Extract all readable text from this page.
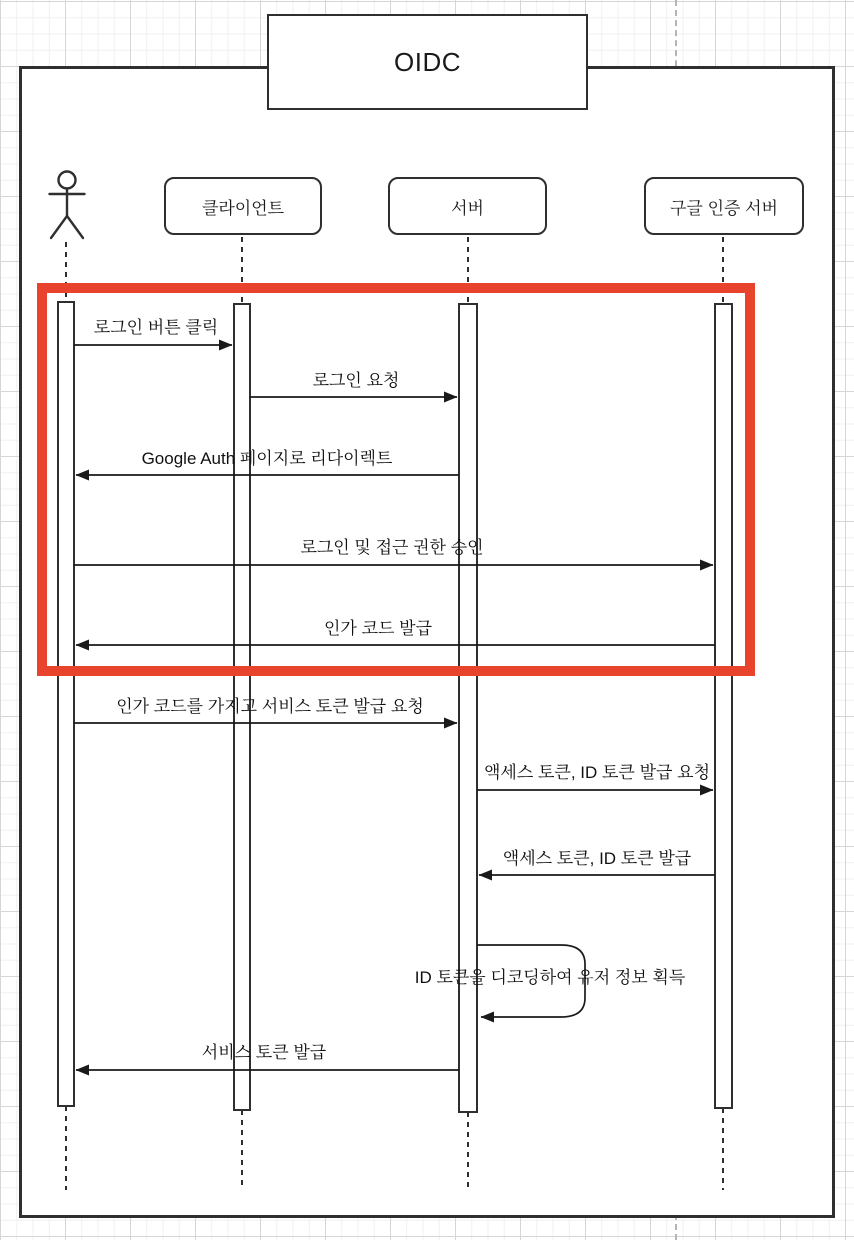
OIDC
클라이언트	서버	구글 인증 서버
로그인 버튼 클릭
로그인 요청
Google Auth 페이지로 리다이렉트
로그인 및 접근 권한 승인
인가 코드 발급
인가 코드를 가지고 서비스 토큰 발급 요청
액세스 토큰, ID 토큰 발급 요청
액세스 토큰, ID 토큰 발급
ID 토큰을 디코딩하여 유저 정보 획득
서비스 토큰 발급
